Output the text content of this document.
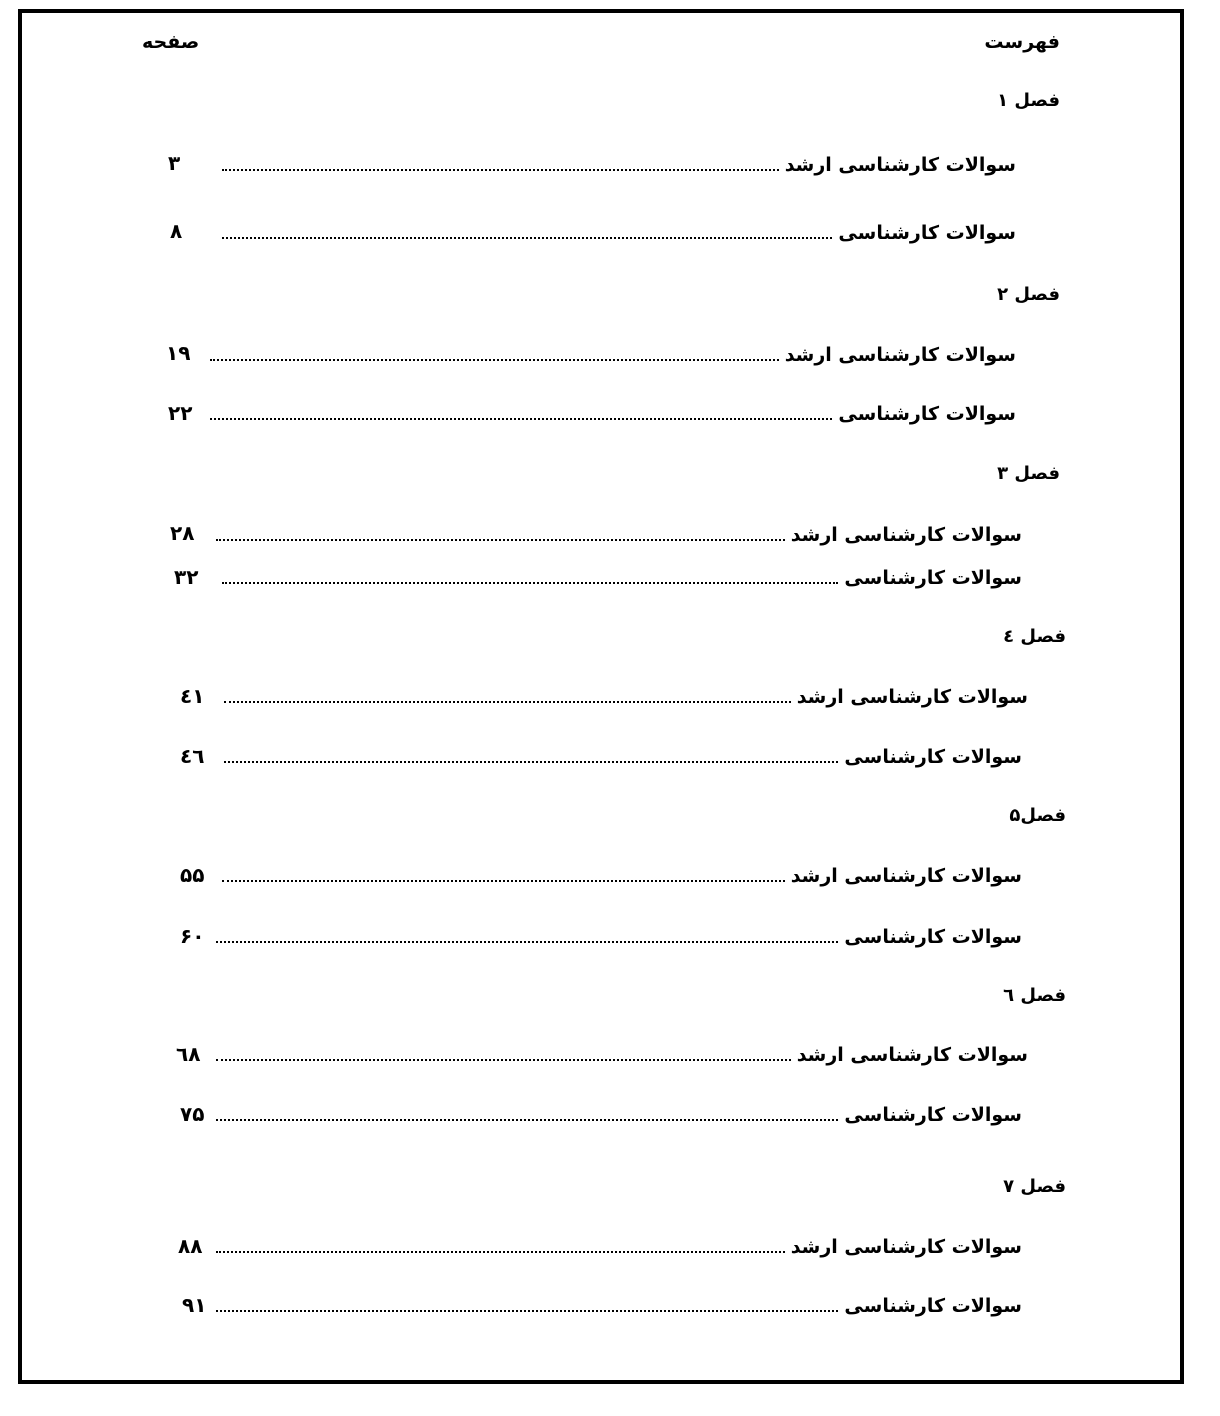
فهرست
صفحه
فصل ۱
سوالات کارشناسی ارشد
۳
سوالات کارشناسی
۸
فصل ۲
سوالات کارشناسی ارشد
۱۹
سوالات کارشناسی
۲۲
فصل ۳
سوالات کارشناسی ارشد
۲۸
سوالات کارشناسی
۳۲
فصل ٤
سوالات کارشناسی ارشد
٤١
سوالات کارشناسی
٤٦
فصل۵
سوالات کارشناسی ارشد
۵۵
سوالات کارشناسی
۶۰
فصل ٦
سوالات کارشناسی ارشد
٦٨
سوالات کارشناسی
۷۵
فصل ۷
سوالات کارشناسی ارشد
۸۸
سوالات کارشناسی
۹۱
